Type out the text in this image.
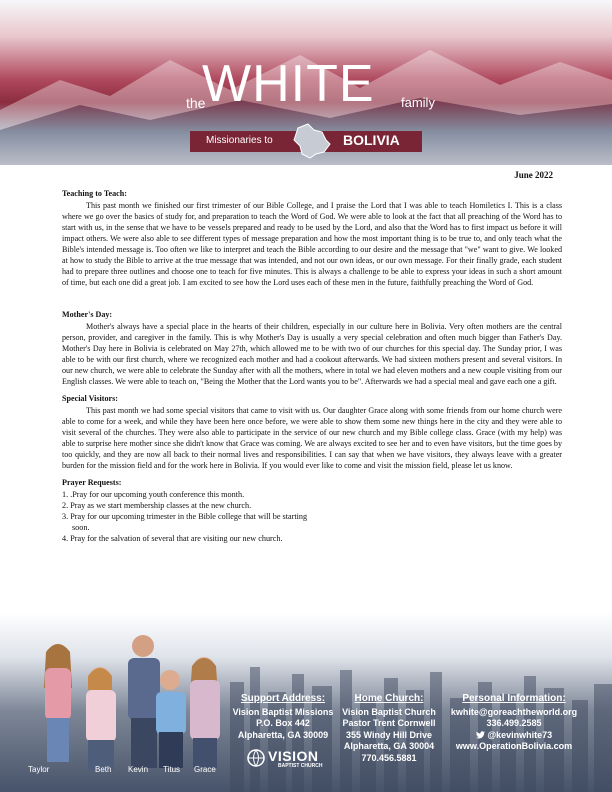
the
WHITE family
Missionaries to	BOLIVIA
June 2022
Teaching to Teach:

This past month we finished our first trimester of our Bible College, and I praise the Lord that I was able to teach Homiletics I. This is a class where we go over the basics of study for, and preparation to teach the Word of God. We were able to look at the fact that all preaching of the Word has to start with us, in the sense that we have to be vessels prepared and ready to be used by the Lord, and also that the Word has to first impact us before it will impact others. We were also able to see different types of message preparation and how the most important thing is to be true to, and only teach what the Bible's intended message is. Too often we like to interpret and teach the Bible according to our desire and the message that "we" want to give. We looked at how to study the Bible to arrive at the true message that was intended, and not our own ideas, or our own message. For their finally grade, each student had to prepare three outlines and choose one to teach for five minutes. This is always a challenge to be able to express your ideas in such a short amount of time, but each one did a great job. I am excited to see how the Lord uses each of these men in the future, faithfully preaching the Word of God.

Mother's Day:

Mother's always have a special place in the hearts of their children, especially in our culture here in Bolivia. Very often mothers are the central person, provider, and caregiver in the family. This is why Mother's Day is usually a very special celebration and often much bigger than Father's Day. Mother's Day here in Bolivia is celebrated on May 27th, which allowed me to be with two of our churches for this special day. The Sunday prior, I was able to be with our first church, where we recognized each mother and had a cookout afterwards. We had sixteen mothers present and several visitors. In our new church, we were able to celebrate the Sunday after with all the mothers, where in total we had eleven mothers and a new couple visiting from our English classes. We were able to teach on, "Being the Mother that the Lord wants you to be". Afterwards we had a special meal and gave each one a gift.

Special Visitors:

This past month we had some special visitors that came to visit with us. Our daughter Grace along with some friends from our home church were able to come for a week, and while they have been here once before, we were able to show them some new things here in the city and they were able to visit several of the churches. They were also able to participate in the service of our new church and my Bible college class. Grace (with my help) was able to surprise here mother since she didn't know that Grace was coming. We are always excited to see her and to even have visitors, but the time goes by too quickly, and they are now all back to their normal lives and responsibilities. I can say that when we have visitors, they always leave with a greater burden for the mission field and for the work here in Bolivia. If you would ever like to come and visit the mission field, please let us know.

Prayer Requests:

1. .Pray for our upcoming youth conference this month.

2. Pray as we start membership classes at the new church.

3. Pray for our upcoming trimester in the Bible college that will be starting

soon.

4. Pray for the salvation of several that are visiting our new church.

Taylor	Beth Kevin Titus Grace
Support Address:
Vision Baptist Missions
P.O. Box 442
Alpharetta, GA 30009
Home Church:
Vision Baptist Church
Pastor Trent Cornwell
355 Windy Hill Drive
Alpharetta, GA 30004
770.456.5881
Personal Information:
kwhite@goreachtheworld.org
336.499.2585
@kevinwhite73
www.OperationBolivia.com
VISION
BAPTIST CHURCH
